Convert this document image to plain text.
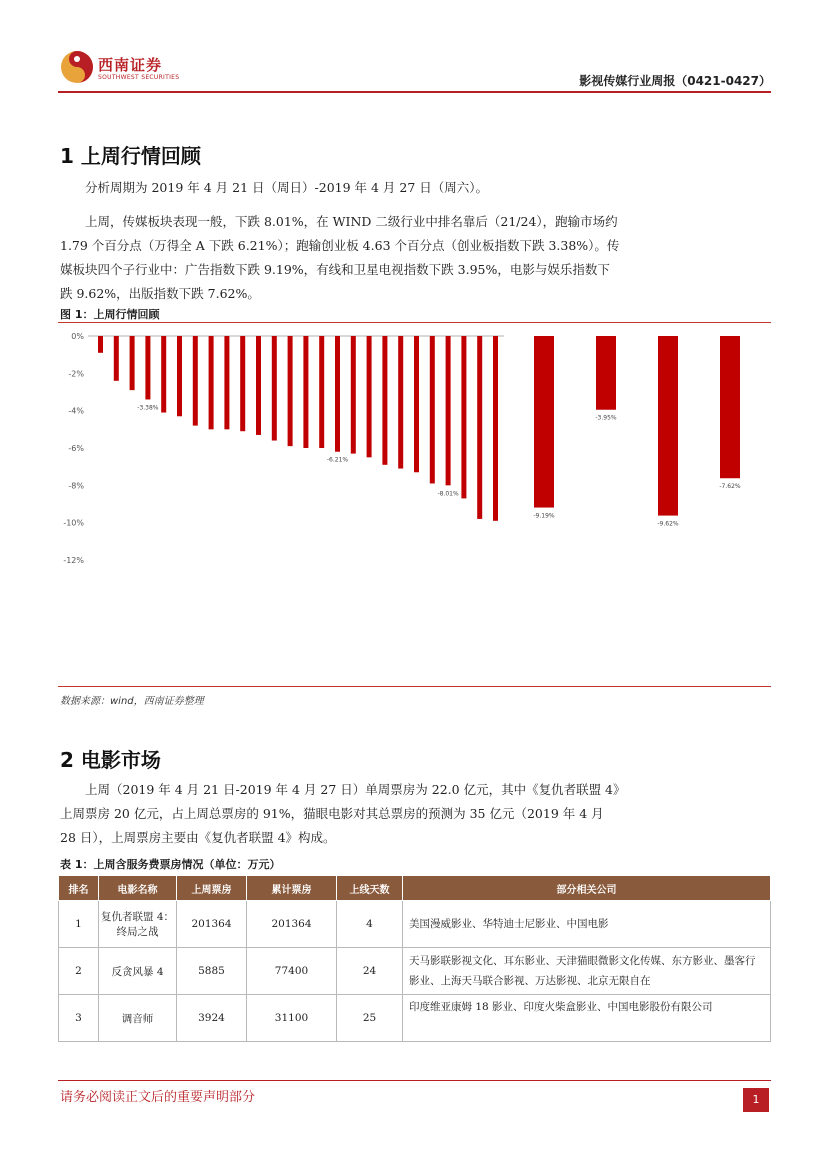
西南证券
SOUTHWEST SECURITIES	影视传媒行业周报（0421-0427）
1 上周行情回顾

分析周期为 2019 年 4 月 21 日（周日）-2019 年 4 月 27 日（周六）。

上周，传媒板块表现一般，下跌 8.01%，在 WIND 二级行业中排名靠后（21/24），跑输市场约 1.79 个百分点（万得全 A 下跌 6.21%）；跑输创业板 4.63 个百分点（创业板指数下跌 3.38%）。传媒板块四个子行业中：广告指数下跌 9.19%，有线和卫星电视指数下跌 3.95%，电影与娱乐指数下跌 9.62%，出版指数下跌 7.62%。

图 1：上周行情回顾
0%
-2%
-4%
-6%
-8%
-10%
-12%
-3.38%
-6.21%
-8.01%
-9.19%
-3.95%
-9.62%
-7.62%
数据来源：wind，西南证券整理
2 电影市场

上周（2019 年 4 月 21 日-2019 年 4 月 27 日）单周票房为 22.0 亿元，其中《复仇者联盟 4》上周票房 20 亿元，占上周总票房的 91%，猫眼电影对其总票房的预测为 35 亿元（2019 年 4 月 28 日），上周票房主要由《复仇者联盟 4》构成。

表 1：上周含服务费票房情况（单位：万元）
排名	电影名称	上周票房	累计票房	上线天数	部分相关公司
1	复仇者联盟 4：终局之战	201364	201364	4	美国漫威影业、华特迪士尼影业、中国电影
2	反贪风暴 4	5885	77400	24	天马影联影视文化、耳东影业、天津猫眼微影文化传媒、东方影业、墨客行影业、上海天马联合影视、万达影视、北京无限自在
3	调音师	3924	31100	25	印度维亚康姆 18 影业、印度火柴盒影业、中国电影股份有限公司
请务必阅读正文后的重要声明部分	1
